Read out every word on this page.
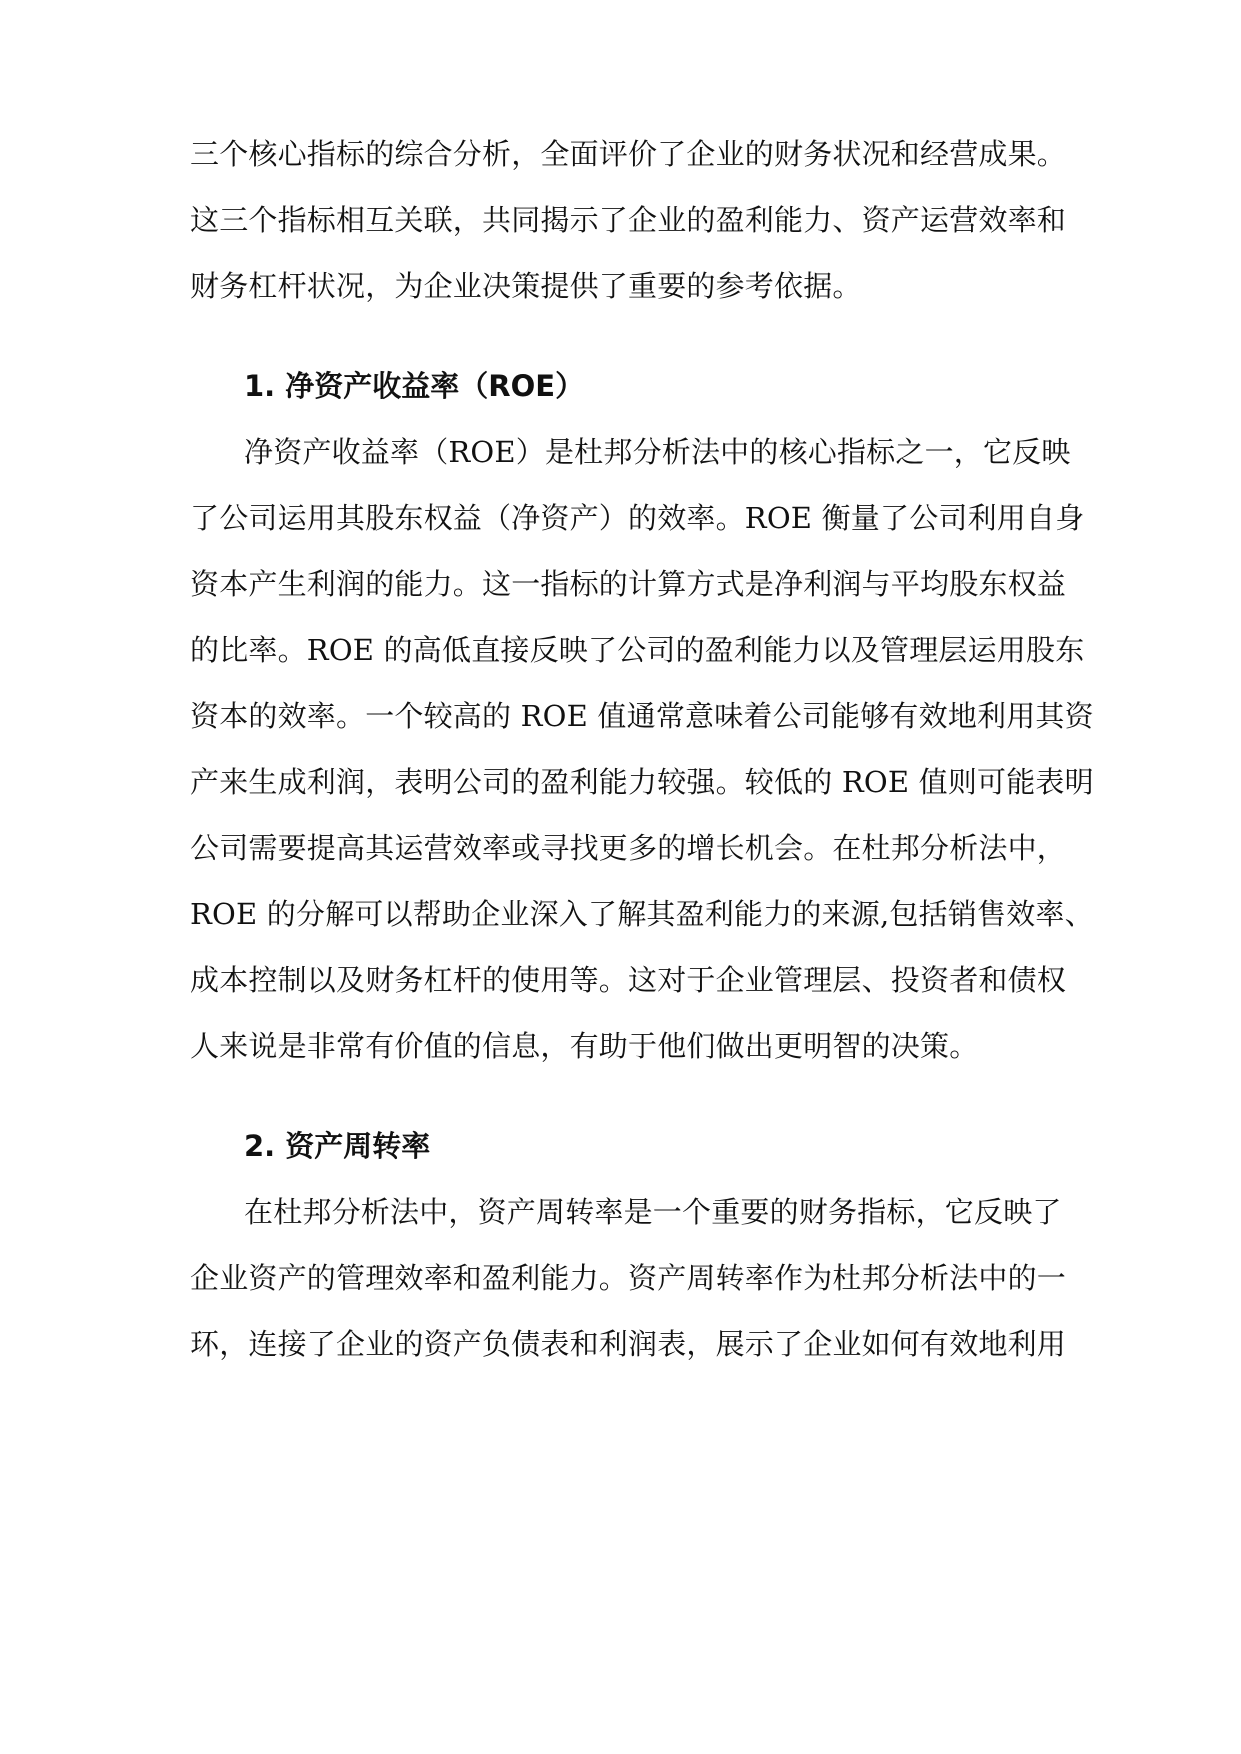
三个核心指标的综合分析，全面评价了企业的财务状况和经营成果。
这三个指标相互关联，共同揭示了企业的盈利能力、资产运营效率和
财务杠杆状况，为企业决策提供了重要的参考依据。
1. 净资产收益率（ROE）
净资产收益率（ROE）是杜邦分析法中的核心指标之一，它反映
了公司运用其股东权益（净资产）的效率。ROE 衡量了公司利用自身
资本产生利润的能力。这一指标的计算方式是净利润与平均股东权益
的比率。ROE 的高低直接反映了公司的盈利能力以及管理层运用股东
资本的效率。一个较高的 ROE 值通常意味着公司能够有效地利用其资
产来生成利润，表明公司的盈利能力较强。较低的 ROE 值则可能表明
公司需要提高其运营效率或寻找更多的增长机会。在杜邦分析法中，
ROE 的分解可以帮助企业深入了解其盈利能力的来源,包括销售效率、
成本控制以及财务杠杆的使用等。这对于企业管理层、投资者和债权
人来说是非常有价值的信息，有助于他们做出更明智的决策。
2. 资产周转率
在杜邦分析法中，资产周转率是一个重要的财务指标，它反映了
企业资产的管理效率和盈利能力。资产周转率作为杜邦分析法中的一
环，连接了企业的资产负债表和利润表，展示了企业如何有效地利用
